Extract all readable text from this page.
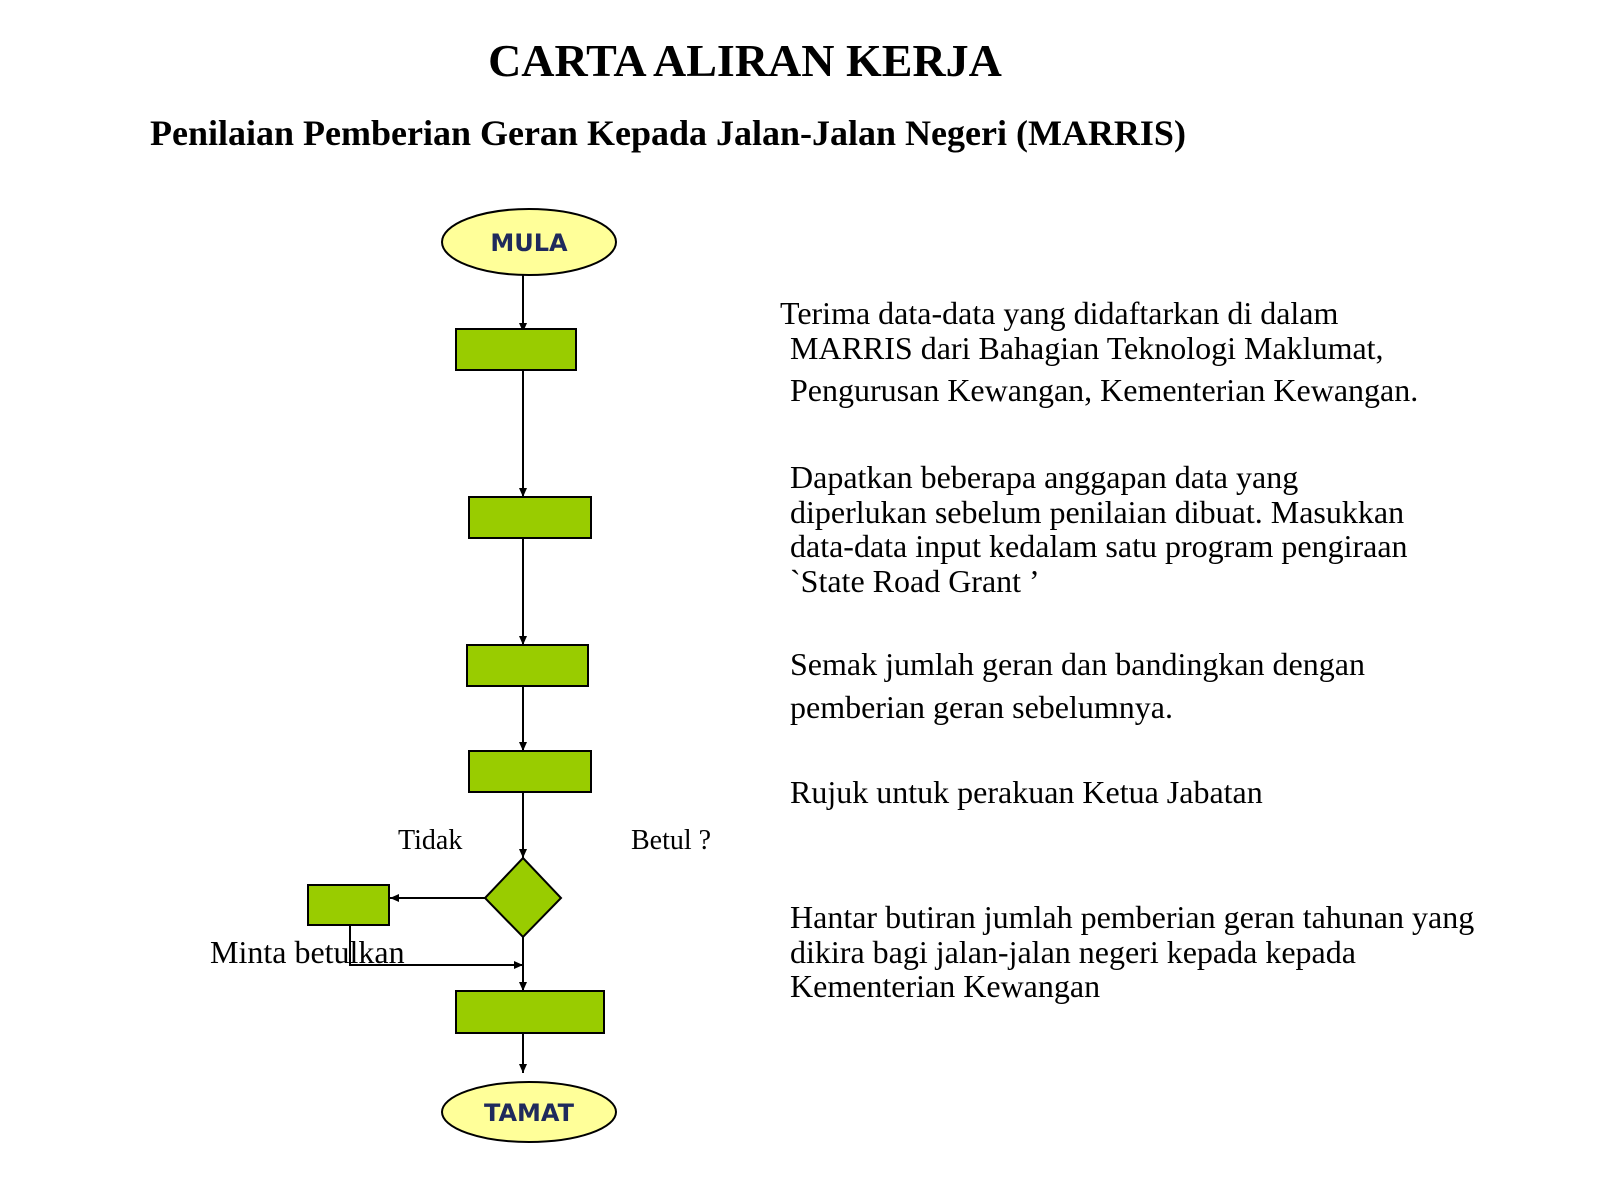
CARTA ALIRAN KERJA
Penilaian Pemberian Geran Kepada Jalan-Jalan Negeri (MARRIS)
MULA
TAMAT
Tidak	Betul ?
Minta betulkan
Terima data-data yang didaftarkan di dalam
MARRIS dari Bahagian Teknologi Maklumat,
Pengurusan Kewangan, Kementerian Kewangan.
Dapatkan beberapa anggapan data yang
diperlukan sebelum penilaian dibuat. Masukkan
data-data input kedalam satu program pengiraan
`State Road Grant ’
Semak jumlah geran dan bandingkan dengan
pemberian geran sebelumnya.
Rujuk untuk perakuan Ketua Jabatan
Hantar butiran jumlah pemberian geran tahunan yang
dikira bagi jalan-jalan negeri kepada kepada
Kementerian Kewangan
